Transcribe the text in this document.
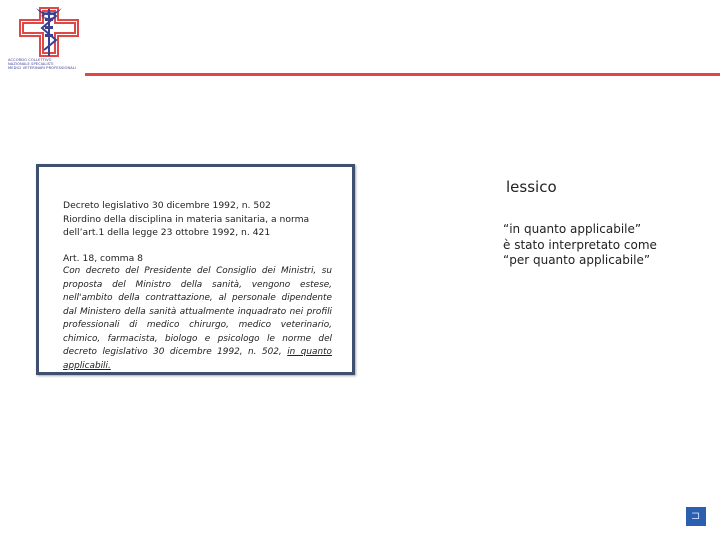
ACCORDO COLLETTIVO
NAZIONALE SPECIALISTI
MEDICI VETERINARI PROFESSIONALI
Decreto legislativo 30 dicembre 1992, n. 502
Riordino della disciplina in materia sanitaria, a norma dell’art.1 della legge 23 ottobre 1992, n. 421
Art. 18, comma 8
Con decreto del Presidente del Consiglio dei Ministri, su proposta del Ministro della sanità, vengono estese, nell'ambito della contrattazione, al personale dipendente dal Ministero della sanità attualmente inquadrato nei profili professionali di medico chirurgo, medico veterinario, chimico, farmacista, biologo e psicologo le norme del decreto legislativo 30 dicembre 1992, n. 502, in quanto applicabili.
lessico
“in quanto applicabile”
è stato interpretato come
“per quanto applicabile”
⊐
